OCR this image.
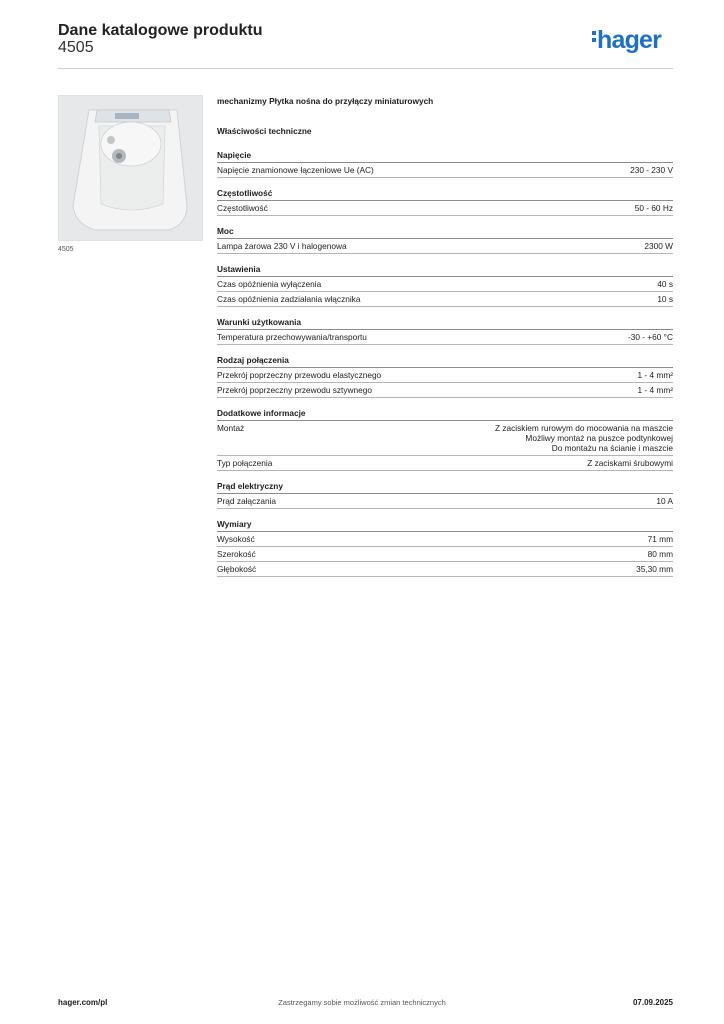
Dane katalogowe produktu
4505	hager
4505
mechanizmy Płytka nośna do przyłączy miniaturowych
Właściwości techniczne
Napięcie
Napięcie znamionowe łączeniowe Ue (AC)	230 - 230 V
Częstotliwość
Częstotliwość	50 - 60 Hz
Moc
Lampa żarowa 230 V i halogenowa	2300 W
Ustawienia
Czas opóźnienia wyłączenia	40 s
Czas opóźnienia zadziałania włącznika	10 s
Warunki użytkowania
Temperatura przechowywania/transportu	-30 - +60 °C
Rodzaj połączenia
Przekrój poprzeczny przewodu elastycznego	1 - 4 mm²
Przekrój poprzeczny przewodu sztywnego	1 - 4 mm²
Dodatkowe informacje
Montaż	Z zaciskiem rurowym do mocowania na maszcie
Możliwy montaż na puszce podtynkowej
Do montażu na ścianie i maszcie
Typ połączenia	Z zaciskami śrubowymi
Prąd elektryczny
Prąd załączania	10 A
Wymiary
Wysokość	71 mm
Szerokość	80 mm
Głębokość	35,30 mm
hager.com/pl	Zastrzegamy sobie możliwość zmian technicznych	07.09.2025
